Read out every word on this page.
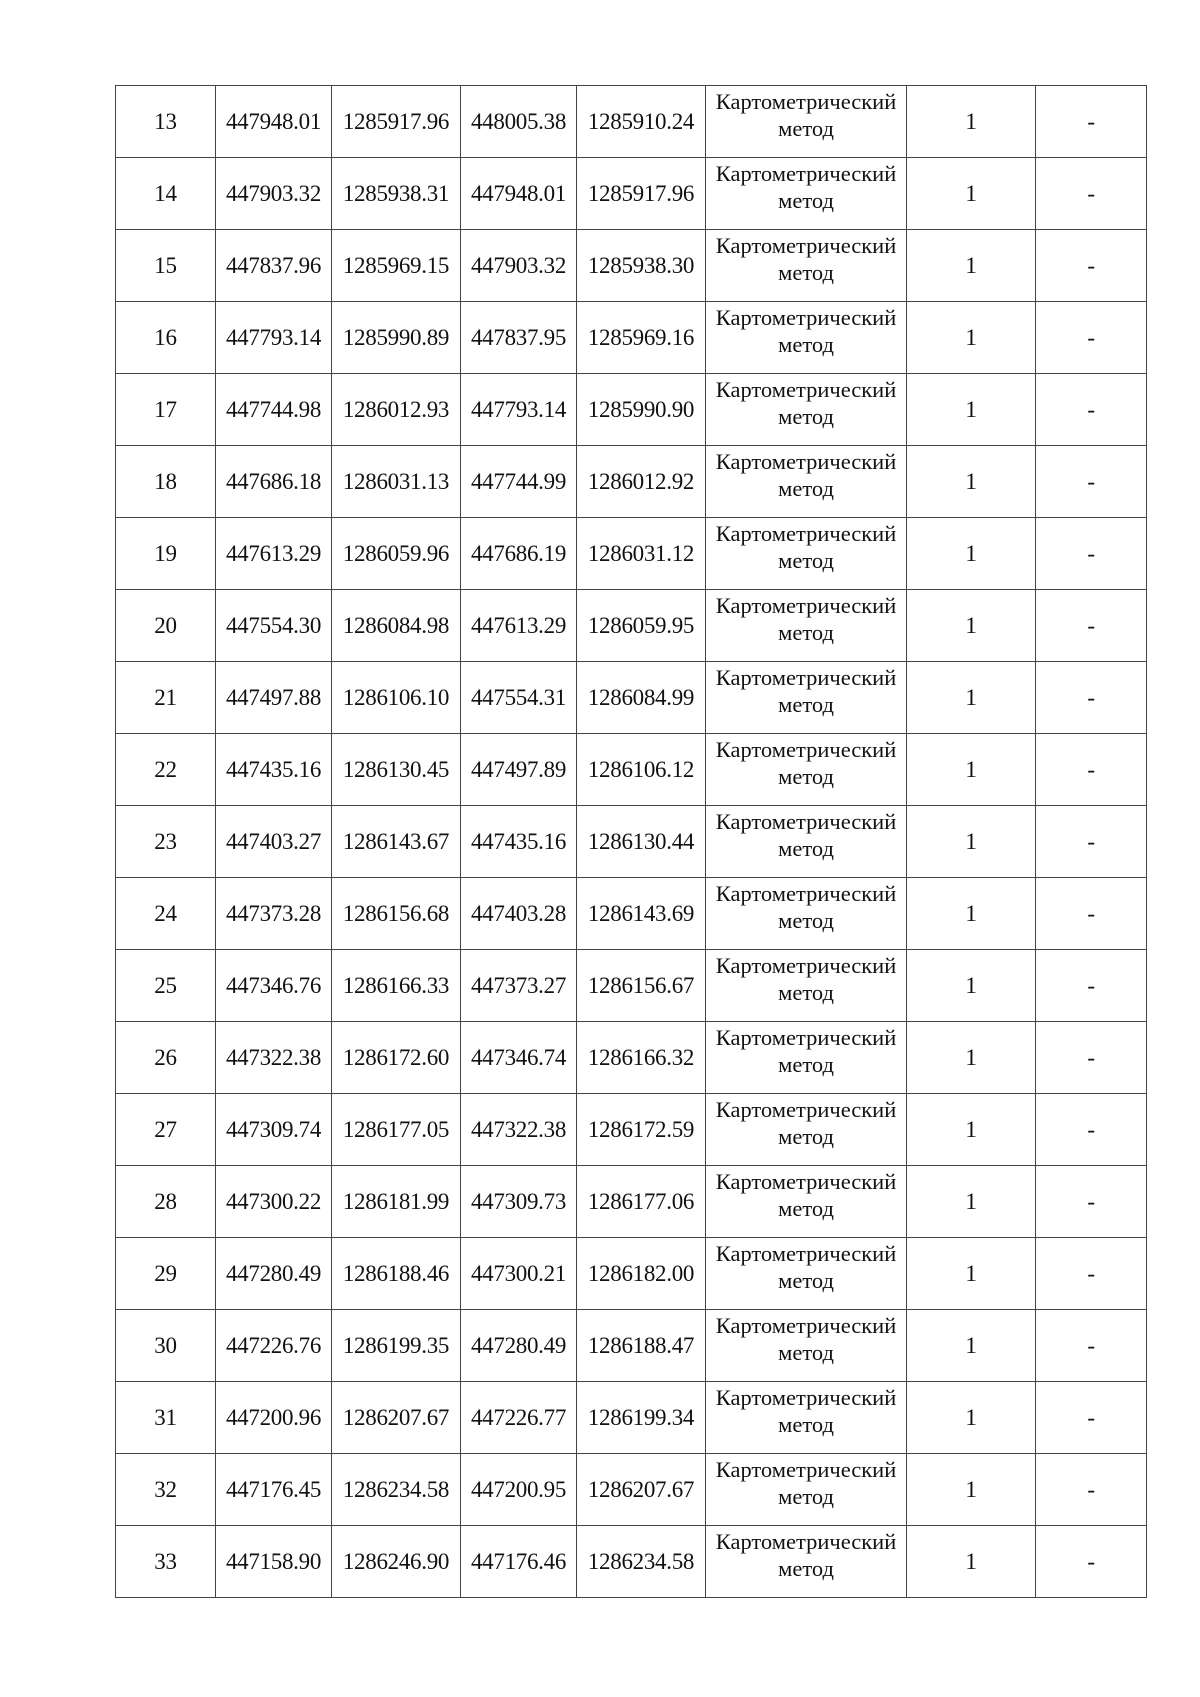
13	447948.01	1285917.96	448005.38	1285910.24	Картометрический метод	1	-
14	447903.32	1285938.31	447948.01	1285917.96	Картометрический метод	1	-
15	447837.96	1285969.15	447903.32	1285938.30	Картометрический метод	1	-
16	447793.14	1285990.89	447837.95	1285969.16	Картометрический метод	1	-
17	447744.98	1286012.93	447793.14	1285990.90	Картометрический метод	1	-
18	447686.18	1286031.13	447744.99	1286012.92	Картометрический метод	1	-
19	447613.29	1286059.96	447686.19	1286031.12	Картометрический метод	1	-
20	447554.30	1286084.98	447613.29	1286059.95	Картометрический метод	1	-
21	447497.88	1286106.10	447554.31	1286084.99	Картометрический метод	1	-
22	447435.16	1286130.45	447497.89	1286106.12	Картометрический метод	1	-
23	447403.27	1286143.67	447435.16	1286130.44	Картометрический метод	1	-
24	447373.28	1286156.68	447403.28	1286143.69	Картометрический метод	1	-
25	447346.76	1286166.33	447373.27	1286156.67	Картометрический метод	1	-
26	447322.38	1286172.60	447346.74	1286166.32	Картометрический метод	1	-
27	447309.74	1286177.05	447322.38	1286172.59	Картометрический метод	1	-
28	447300.22	1286181.99	447309.73	1286177.06	Картометрический метод	1	-
29	447280.49	1286188.46	447300.21	1286182.00	Картометрический метод	1	-
30	447226.76	1286199.35	447280.49	1286188.47	Картометрический метод	1	-
31	447200.96	1286207.67	447226.77	1286199.34	Картометрический метод	1	-
32	447176.45	1286234.58	447200.95	1286207.67	Картометрический метод	1	-
33	447158.90	1286246.90	447176.46	1286234.58	Картометрический метод	1	-
